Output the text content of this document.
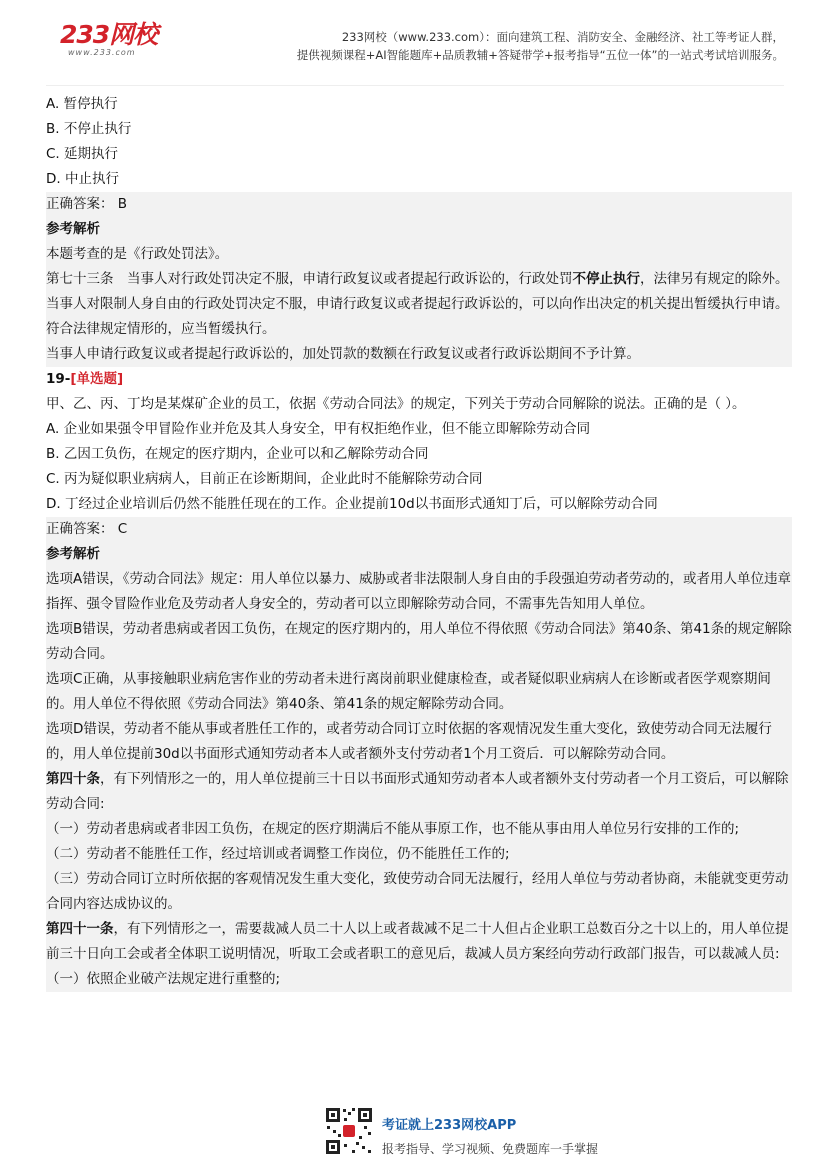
233网校
www.233.com
233网校（www.233.com）：面向建筑工程、消防安全、金融经济、社工等考证人群，
提供视频课程+AI智能题库+品质教辅+答疑带学+报考指导“五位一体”的一站式考试培训服务。

A. 暂停执行

B. 不停止执行

C. 延期执行

D. 中止执行

正确答案： B

参考解析

本题考查的是《行政处罚法》。

第七十三条　当事人对行政处罚决定不服，申请行政复议或者提起行政诉讼的，行政处罚不停止执行，法律另有规定的除外。

当事人对限制人身自由的行政处罚决定不服，申请行政复议或者提起行政诉讼的，可以向作出决定的机关提出暂缓执行申请。符合法律规定情形的，应当暂缓执行。

当事人申请行政复议或者提起行政诉讼的，加处罚款的数额在行政复议或者行政诉讼期间不予计算。

19-[单选题]

甲、乙、丙、丁均是某煤矿企业的员工，依据《劳动合同法》的规定，下列关于劳动合同解除的说法。正确的是（ ）。

A. 企业如果强令甲冒险作业并危及其人身安全，甲有权拒绝作业，但不能立即解除劳动合同

B. 乙因工负伤，在规定的医疗期内，企业可以和乙解除劳动合同

C. 丙为疑似职业病病人，目前正在诊断期间，企业此时不能解除劳动合同

D. 丁经过企业培训后仍然不能胜任现在的工作。企业提前10d以书面形式通知丁后，可以解除劳动合同

正确答案： C

参考解析

选项A错误，《劳动合同法》规定：用人单位以暴力、威胁或者非法限制人身自由的手段强迫劳动者劳动的，或者用人单位违章指挥、强令冒险作业危及劳动者人身安全的，劳动者可以立即解除劳动合同，不需事先告知用人单位。

选项B错误，劳动者患病或者因工负伤，在规定的医疗期内的，用人单位不得依照《劳动合同法》第40条、第41条的规定解除劳动合同。

选项C正确，从事接触职业病危害作业的劳动者未进行离岗前职业健康检查，或者疑似职业病病人在诊断或者医学观察期间的。用人单位不得依照《劳动合同法》第40条、第41条的规定解除劳动合同。

选项D错误，劳动者不能从事或者胜任工作的，或者劳动合同订立时依据的客观情况发生重大变化，致使劳动合同无法履行的，用人单位提前30d以书面形式通知劳动者本人或者额外支付劳动者1个月工资后．可以解除劳动合同。

第四十条，有下列情形之一的，用人单位提前三十日以书面形式通知劳动者本人或者额外支付劳动者一个月工资后，可以解除劳动合同:

（一）劳动者患病或者非因工负伤，在规定的医疗期满后不能从事原工作，也不能从事由用人单位另行安排的工作的;

（二）劳动者不能胜任工作，经过培训或者调整工作岗位，仍不能胜任工作的;

（三）劳动合同订立时所依据的客观情况发生重大变化，致使劳动合同无法履行，经用人单位与劳动者协商，未能就变更劳动合同内容达成协议的。

第四十一条，有下列情形之一，需要裁减人员二十人以上或者裁减不足二十人但占企业职工总数百分之十以上的，用人单位提前三十日向工会或者全体职工说明情况，听取工会或者职工的意见后，裁减人员方案经向劳动行政部门报告，可以裁减人员:

（一）依照企业破产法规定进行重整的;

考证就上233网校APP
报考指导、学习视频、免费题库一手掌握
